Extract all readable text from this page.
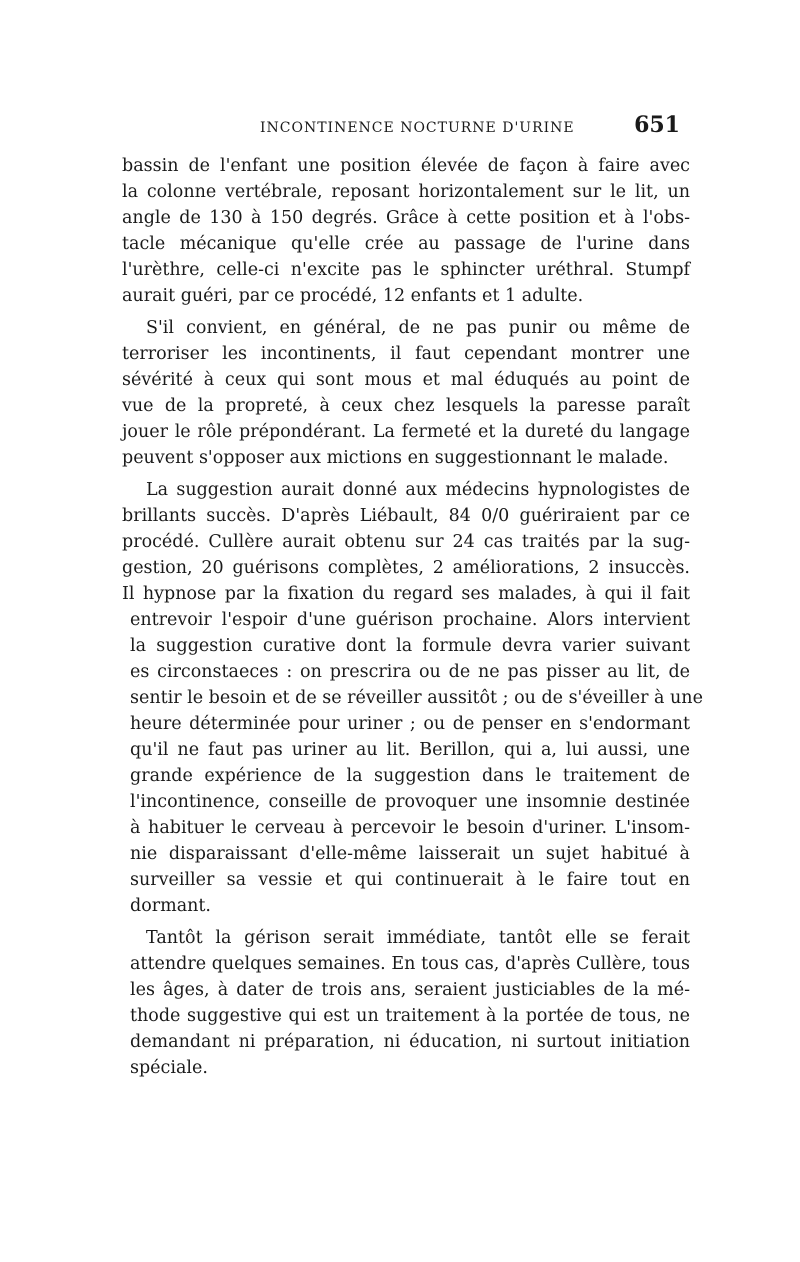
INCONTINENCE NOCTURNE D'URINE	651
bassin de l'enfant une position élevée de façon à faire avec
la colonne vertébrale, reposant horizontalement sur le lit, un
angle de 130 à 150 degrés. Grâce à cette position et à l'obs-
tacle mécanique qu'elle crée au passage de l'urine dans
l'urèthre, celle-ci n'excite pas le sphincter uréthral. Stumpf
aurait guéri, par ce procédé, 12 enfants et 1 adulte.
S'il convient, en général, de ne pas punir ou même de
terroriser les incontinents, il faut cependant montrer une
sévérité à ceux qui sont mous et mal éduqués au point de
vue de la propreté, à ceux chez lesquels la paresse paraît
jouer le rôle prépondérant. La fermeté et la dureté du langage
peuvent s'opposer aux mictions en suggestionnant le malade.
La suggestion aurait donné aux médecins hypnologistes de
brillants succès. D'après Liébault, 84 0/0 guériraient par ce
procédé. Cullère aurait obtenu sur 24 cas traités par la sug-
gestion, 20 guérisons complètes, 2 améliorations, 2 insuccès.
Il hypnose par la fixation du regard ses malades, à qui il fait
entrevoir l'espoir d'une guérison prochaine. Alors intervient
la suggestion curative dont la formule devra varier suivant
es circonstaeces : on prescrira ou de ne pas pisser au lit, de
sentir le besoin et de se réveiller aussitôt ; ou de s'éveiller à une
heure déterminée pour uriner ; ou de penser en s'endormant
qu'il ne faut pas uriner au lit. Berillon, qui a, lui aussi, une
grande expérience de la suggestion dans le traitement de
l'incontinence, conseille de provoquer une insomnie destinée
à habituer le cerveau à percevoir le besoin d'uriner. L'insom-
nie disparaissant d'elle-même laisserait un sujet habitué à
surveiller sa vessie et qui continuerait à le faire tout en
dormant.
Tantôt la gérison serait immédiate, tantôt elle se ferait
attendre quelques semaines. En tous cas, d'après Cullère, tous
les âges, à dater de trois ans, seraient justiciables de la mé-
thode suggestive qui est un traitement à la portée de tous, ne
demandant ni préparation, ni éducation, ni surtout initiation
spéciale.
